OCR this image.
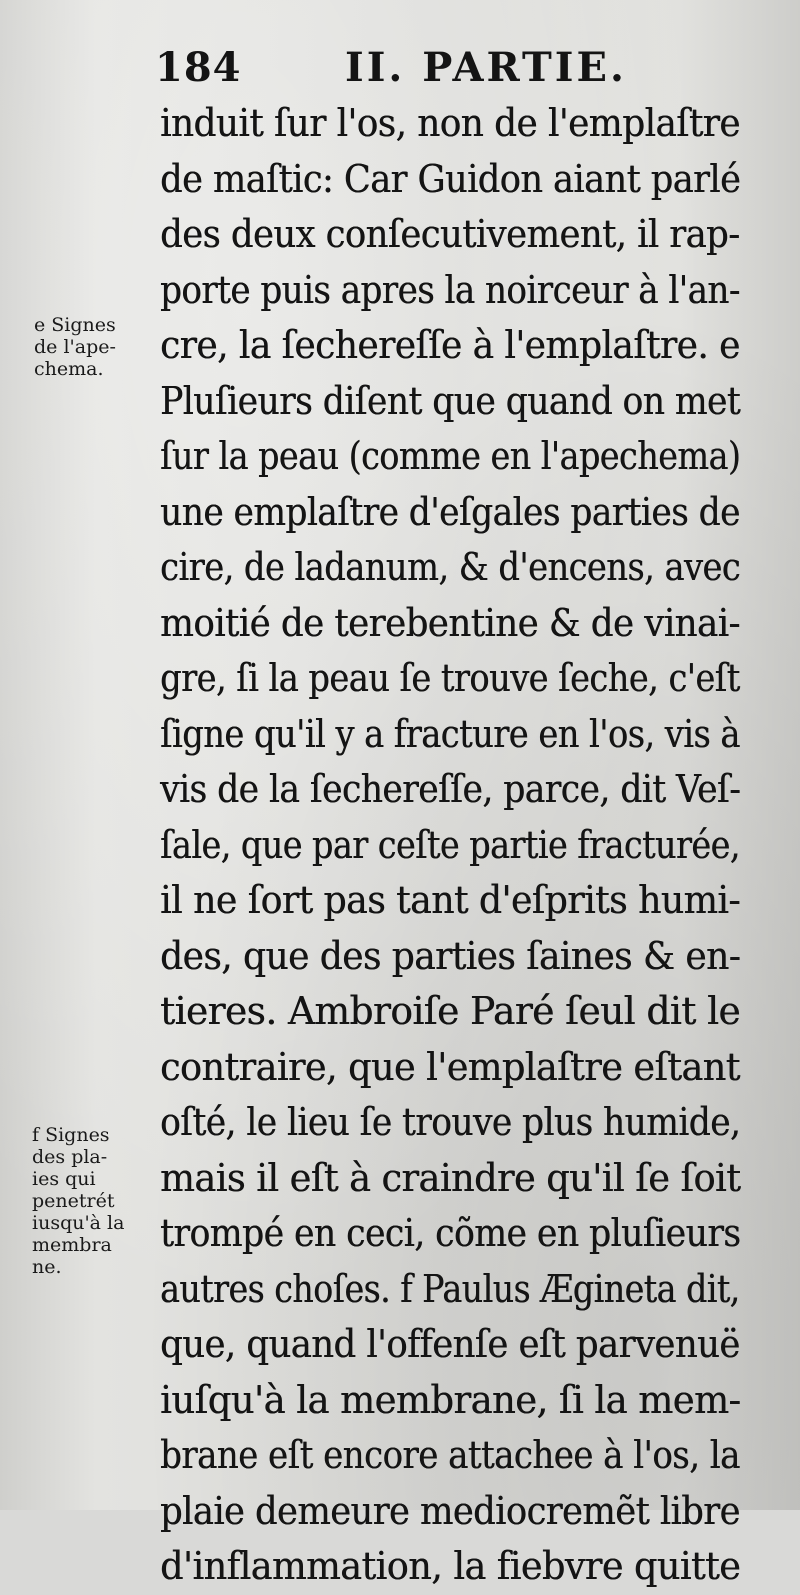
184	II. PARTIE.
e Signes
de l'ape-
chema.
f Signes
des pla-
ies qui
penetrét
iusqu'à la
membra
ne.
induit ſur l'os, non de l'emplaſtre
de maſtic: Car Guidon aiant parlé
des deux conſecutivement, il rap-
porte puis apres la noirceur à l'an-
cre, la ſechereſſe à l'emplaſtre. e
Pluſieurs diſent que quand on met
ſur la peau (comme en l'apechema)
une emplaſtre d'eſgales parties de
cire, de ladanum, & d'encens, avec
moitié de terebentine & de vinai-
gre, ſi la peau ſe trouve ſeche, c'eſt
ſigne qu'il y a fracture en l'os, vis à
vis de la ſechereſſe, parce, dit Veſ-
ſale, que par ceſte partie fracturée,
il ne ſort pas tant d'eſprits humi-
des, que des parties ſaines & en-
tieres. Ambroiſe Paré ſeul dit le
contraire, que l'emplaſtre eſtant
oſté, le lieu ſe trouve plus humide,
mais il eſt à craindre qu'il ſe ſoit
trompé en ceci, cõme en pluſieurs
autres choſes. f Paulus Ægineta dit,
que, quand l'offenſe eſt parvenuë
iuſqu'à la membrane, ſi la mem-
brane eſt encore attachee à l'os, la
plaie demeure mediocremẽt libre
d'inflammation, la fiebvre quitte
